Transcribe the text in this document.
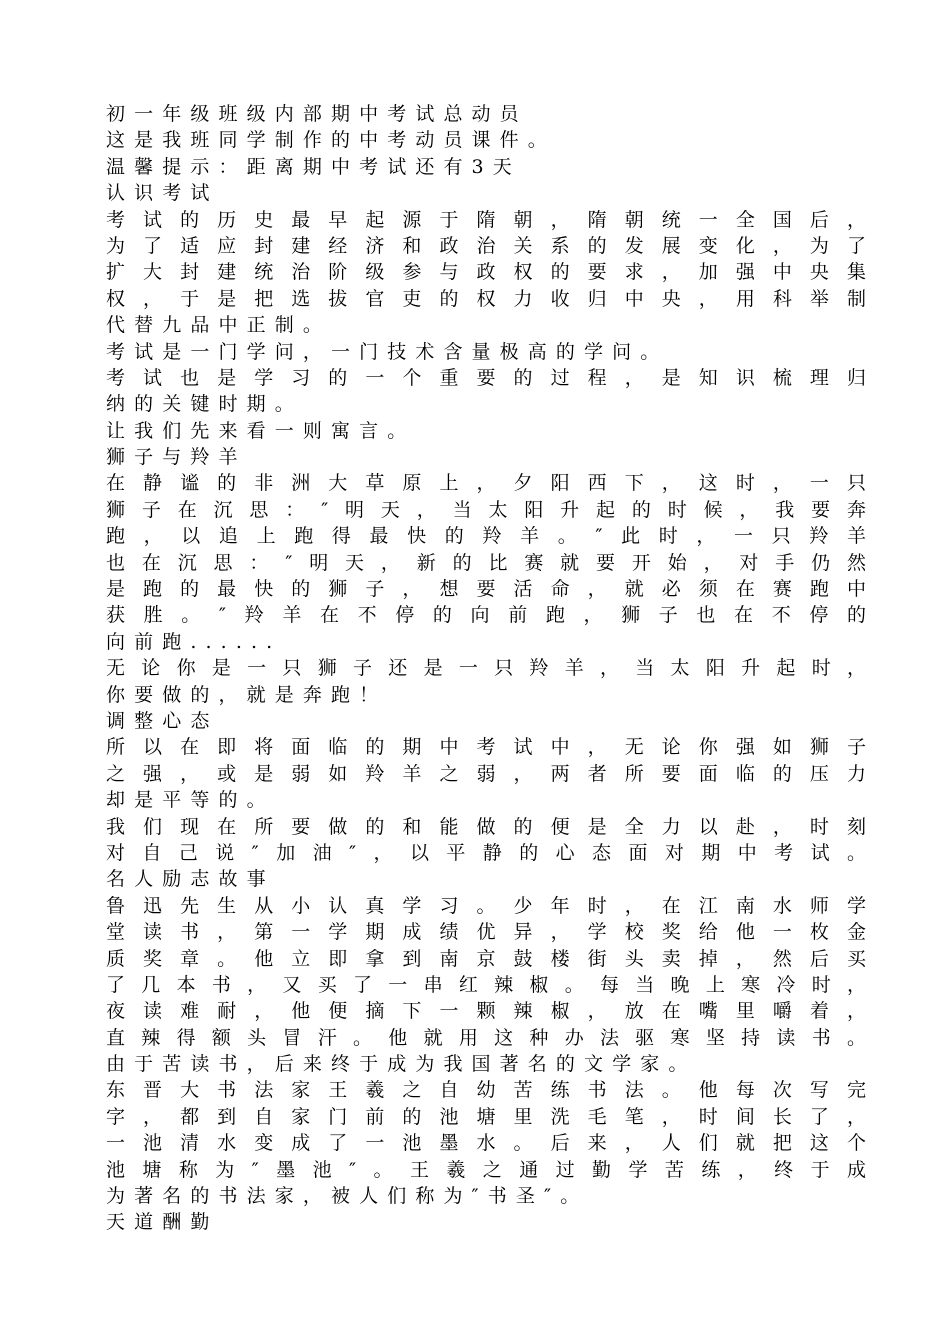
初一年级班级内部期中考试总动员
这是我班同学制作的中考动员课件。
温馨提示：距离期中考试还有3天
认识考试
考试的历史最早起源于隋朝，隋朝统一全国后，
为了适应封建经济和政治关系的发展变化，为了
扩大封建统治阶级参与政权的要求，加强中央集
权，于是把选拔官吏的权力收归中央，用科举制
代替九品中正制。
考试是一门学问，一门技术含量极高的学问。
考试也是学习的一个重要的过程，是知识梳理归
纳的关键时期。
让我们先来看一则寓言。
狮子与羚羊
在静谧的非洲大草原上，夕阳西下，这时，一只
狮子在沉思：″明天，当太阳升起的时候，我要奔
跑，以追上跑得最快的羚羊。″此时，一只羚羊
也在沉思：″明天，新的比赛就要开始，对手仍然
是跑的最快的狮子，想要活命，就必须在赛跑中
获胜。″羚羊在不停的向前跑，狮子也在不停的
向前跑......
无论你是一只狮子还是一只羚羊，当太阳升起时，
你要做的，就是奔跑！
调整心态
所以在即将面临的期中考试中，无论你强如狮子
之强，或是弱如羚羊之弱，两者所要面临的压力
却是平等的。
我们现在所要做的和能做的便是全力以赴，时刻
对自己说″加油″，以平静的心态面对期中考试。
名人励志故事
鲁迅先生从小认真学习。少年时，在江南水师学
堂读书，第一学期成绩优异，学校奖给他一枚金
质奖章。他立即拿到南京鼓楼街头卖掉，然后买
了几本书，又买了一串红辣椒。每当晚上寒冷时，
夜读难耐，他便摘下一颗辣椒，放在嘴里嚼着，
直辣得额头冒汗。他就用这种办法驱寒坚持读书。
由于苦读书，后来终于成为我国著名的文学家。
东晋大书法家王羲之自幼苦练书法。他每次写完
字，都到自家门前的池塘里洗毛笔，时间长了，
一池清水变成了一池墨水。后来，人们就把这个
池塘称为″墨池″。王羲之通过勤学苦练，终于成
为著名的书法家，被人们称为″书圣″。
天道酬勤
